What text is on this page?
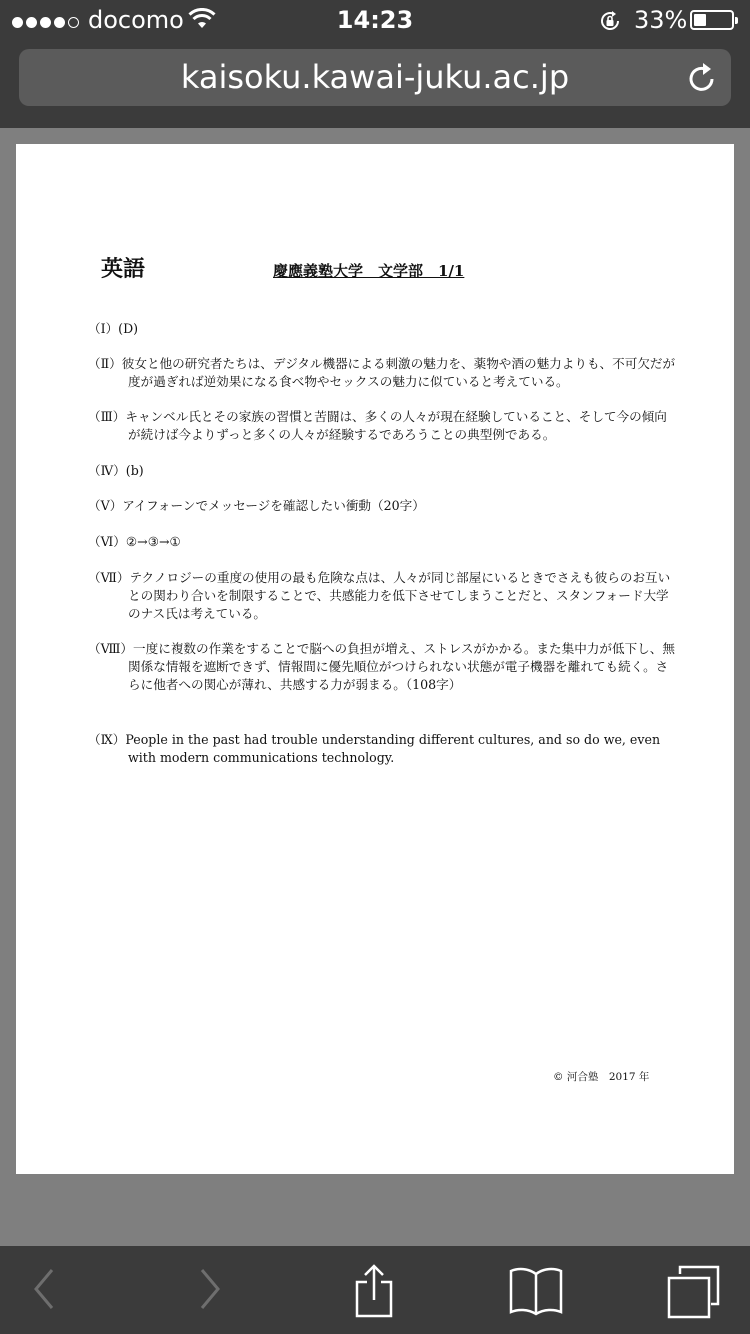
docomo	14:23	33%
kaisoku.kawai-juku.ac.jp
英語	慶應義塾大学　文学部　1/1
（Ⅰ）(D)
（Ⅱ）彼女と他の研究者たちは、デジタル機器による刺激の魅力を、薬物や酒の魅力よりも、不可欠だが度が過ぎれば逆効果になる食べ物やセックスの魅力に似ていると考えている。
（Ⅲ）キャンベル氏とその家族の習慣と苦闘は、多くの人々が現在経験していること、そして今の傾向が続けば今よりずっと多くの人々が経験するであろうことの典型例である。
（Ⅳ）(b)
（Ⅴ）アイフォーンでメッセージを確認したい衝動（20字）
（Ⅵ）②→③→①
（Ⅶ）テクノロジーの重度の使用の最も危険な点は、人々が同じ部屋にいるときでさえも彼らのお互いとの関わり合いを制限することで、共感能力を低下させてしまうことだと、スタンフォード大学のナス氏は考えている。
（Ⅷ）一度に複数の作業をすることで脳への負担が増え、ストレスがかかる。また集中力が低下し、無関係な情報を遮断できず、情報間に優先順位がつけられない状態が電子機器を離れても続く。さらに他者への関心が薄れ、共感する力が弱まる。（108字）
（Ⅸ）People in the past had trouble understanding different cultures, and so do we, even with modern communications technology.
© 河合塾　2017 年
